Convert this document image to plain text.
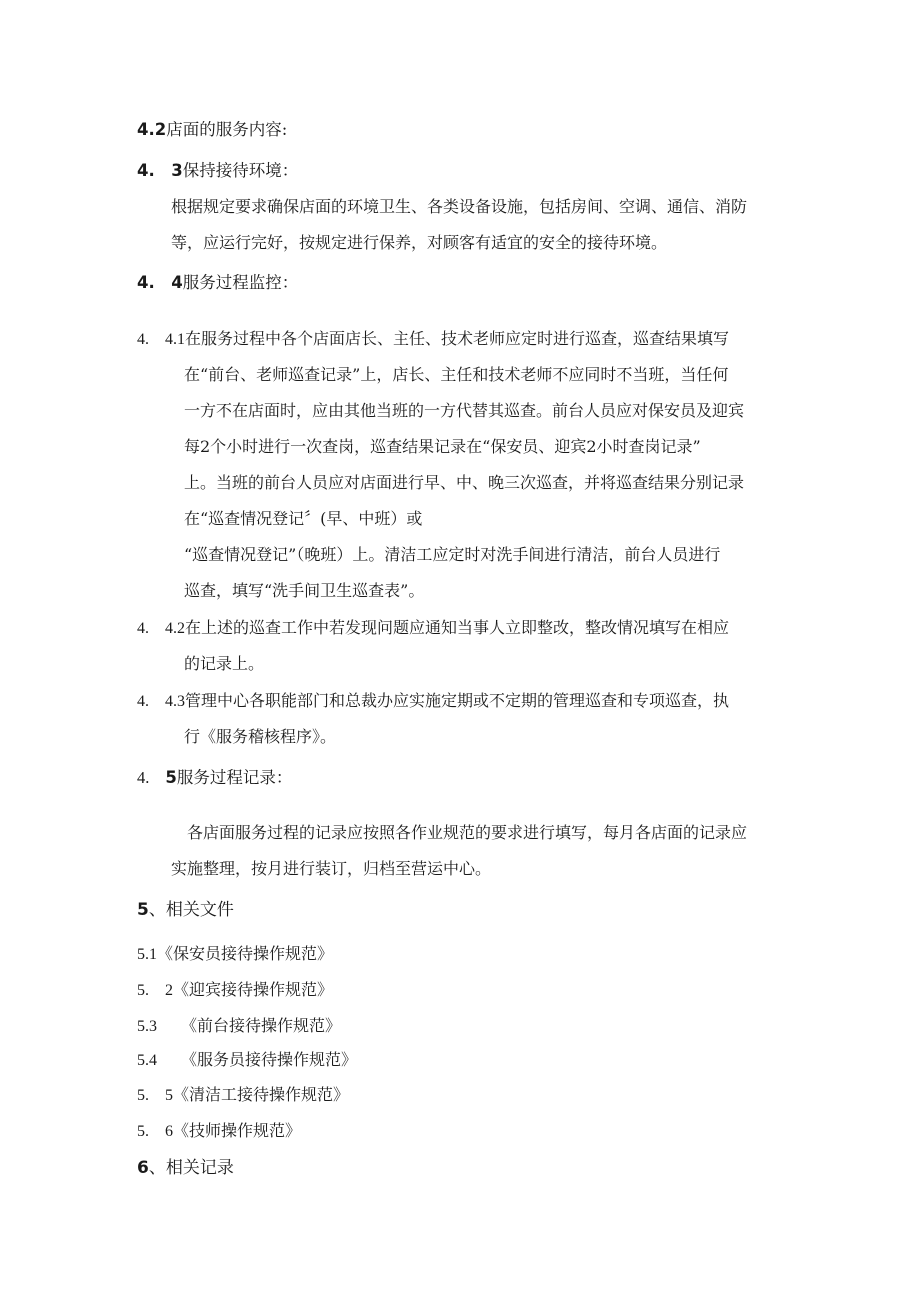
4.2店面的服务内容:
4.　3保持接待环境：
根据规定要求确保店面的环境卫生、各类设备设施，包括房间、空调、通信、消防
等，应运行完好，按规定进行保养，对顾客有适宜的安全的接待环境。
4.　4服务过程监控：
4.　4.1在服务过程中各个店面店长、主任、技术老师应定时进行巡查，巡查结果填写
在“前台、老师巡查记录”上，店长、主任和技术老师不应同时不当班，当任何
一方不在店面时，应由其他当班的一方代替其巡查。前台人员应对保安员及迎宾
每2个小时进行一次查岗，巡查结果记录在“保安员、迎宾2小时查岗记录”
上。当班的前台人员应对店面进行早、中、晚三次巡查，并将巡查结果分别记录
在“巡查情况登记〞(早、中班）或
“巡查情况登记”（晚班）上。清洁工应定时对洗手间进行清洁，前台人员进行
巡查，填写“洗手间卫生巡查表”。
4.　4.2在上述的巡查工作中若发现问题应通知当事人立即整改，整改情况填写在相应
的记录上。
4.　4.3管理中心各职能部门和总裁办应实施定期或不定期的管理巡查和专项巡查，执
行《服务稽核程序》。
4. 5服务过程记录：
各店面服务过程的记录应按照各作业规范的要求进行填写，每月各店面的记录应
实施整理，按月进行装订，归档至营运中心。
5、相关文件
5.1《保安员接待操作规范》
5.　2《迎宾接待操作规范》
5.3 《前台接待操作规范》
5.4 《服务员接待操作规范》
5.　5《清洁工接待操作规范》
5.　6《技师操作规范》
6、相关记录
